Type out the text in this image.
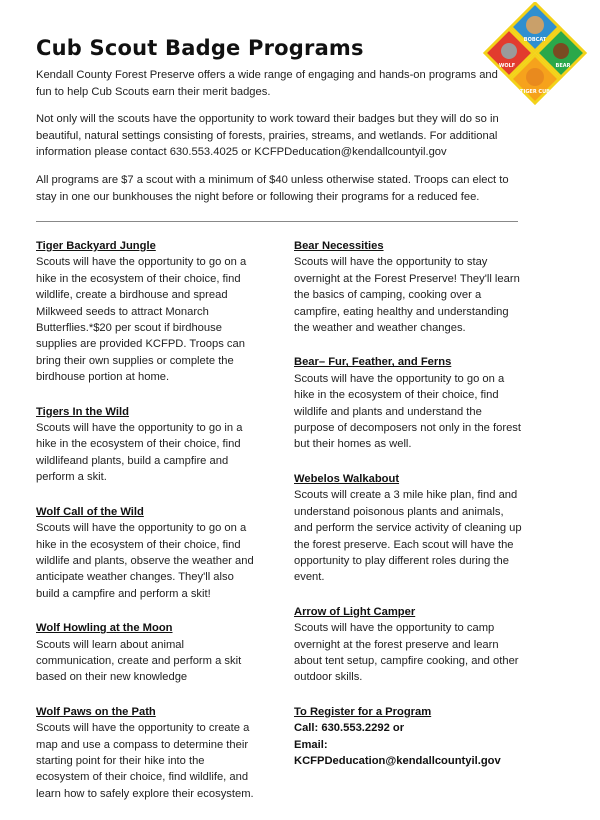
Cub Scout Badge Programs	BOBCAT
WOLF	BEAR
TIGER CUB
Kendall County Forest Preserve offers a wide range of engaging and hands-on programs and fun to help Cub Scouts earn their merit badges.
Not only will the scouts have the opportunity to work toward their badges but they will do so in beautiful, natural settings consisting of forests, prairies, streams, and wetlands. For additional information please contact 630.553.4025 or KCFPDeducation@kendallcountyil.gov
All programs are $7 a scout with a minimum of $40 unless otherwise stated. Troops can elect to stay in one our bunkhouses the night before or following their programs for a reduced fee.
Tiger Backyard Jungle
Scouts will have the opportunity to go on a hike in the ecosystem of their choice, find wildlife, create a birdhouse and spread Milkweed seeds to attract Monarch Butterflies.*$20 per scout if birdhouse supplies are provided KCFPD. Troops can bring their own supplies or complete the birdhouse portion at home.
Tigers In the Wild
Scouts will have the opportunity to go in a hike in the ecosystem of their choice, find wildlifeand plants, build a campfire and perform a skit.
Wolf Call of the Wild
Scouts will have the opportunity to go on a hike in the ecosystem of their choice, find wildlife and plants, observe the weather and anticipate weather changes. They'll also build a campfire and perform a skit!
Wolf Howling at the Moon
Scouts will learn about animal communication, create and perform a skit based on their new knowledge
Wolf Paws on the Path
Scouts will have the opportunity to create a map and use a compass to determine their starting point for their hike into the ecosystem of their choice, find wildlife, and learn how to safely explore their ecosystem.
Bear Necessities
Scouts will have the opportunity to stay overnight at the Forest Preserve! They'll learn the basics of camping, cooking over a campfire, eating healthy and understanding the weather and weather changes.
Bear– Fur, Feather, and Ferns
Scouts will have the opportunity to go on a hike in the ecosystem of their choice, find wildlife and plants and understand the purpose of decomposers not only in the forest but their homes as well.
Webelos Walkabout
Scouts will create a 3 mile hike plan, find and understand poisonous plants and animals, and perform the service activity of cleaning up the forest preserve. Each scout will have the opportunity to play different roles during the event.
Arrow of Light Camper
Scouts will have the opportunity to camp overnight at the forest preserve and learn about tent setup, campfire cooking, and other outdoor skills.
To Register for a Program
Call: 630.553.2292 or
Email:
KCFPDeducation@kendallcountyil.gov
